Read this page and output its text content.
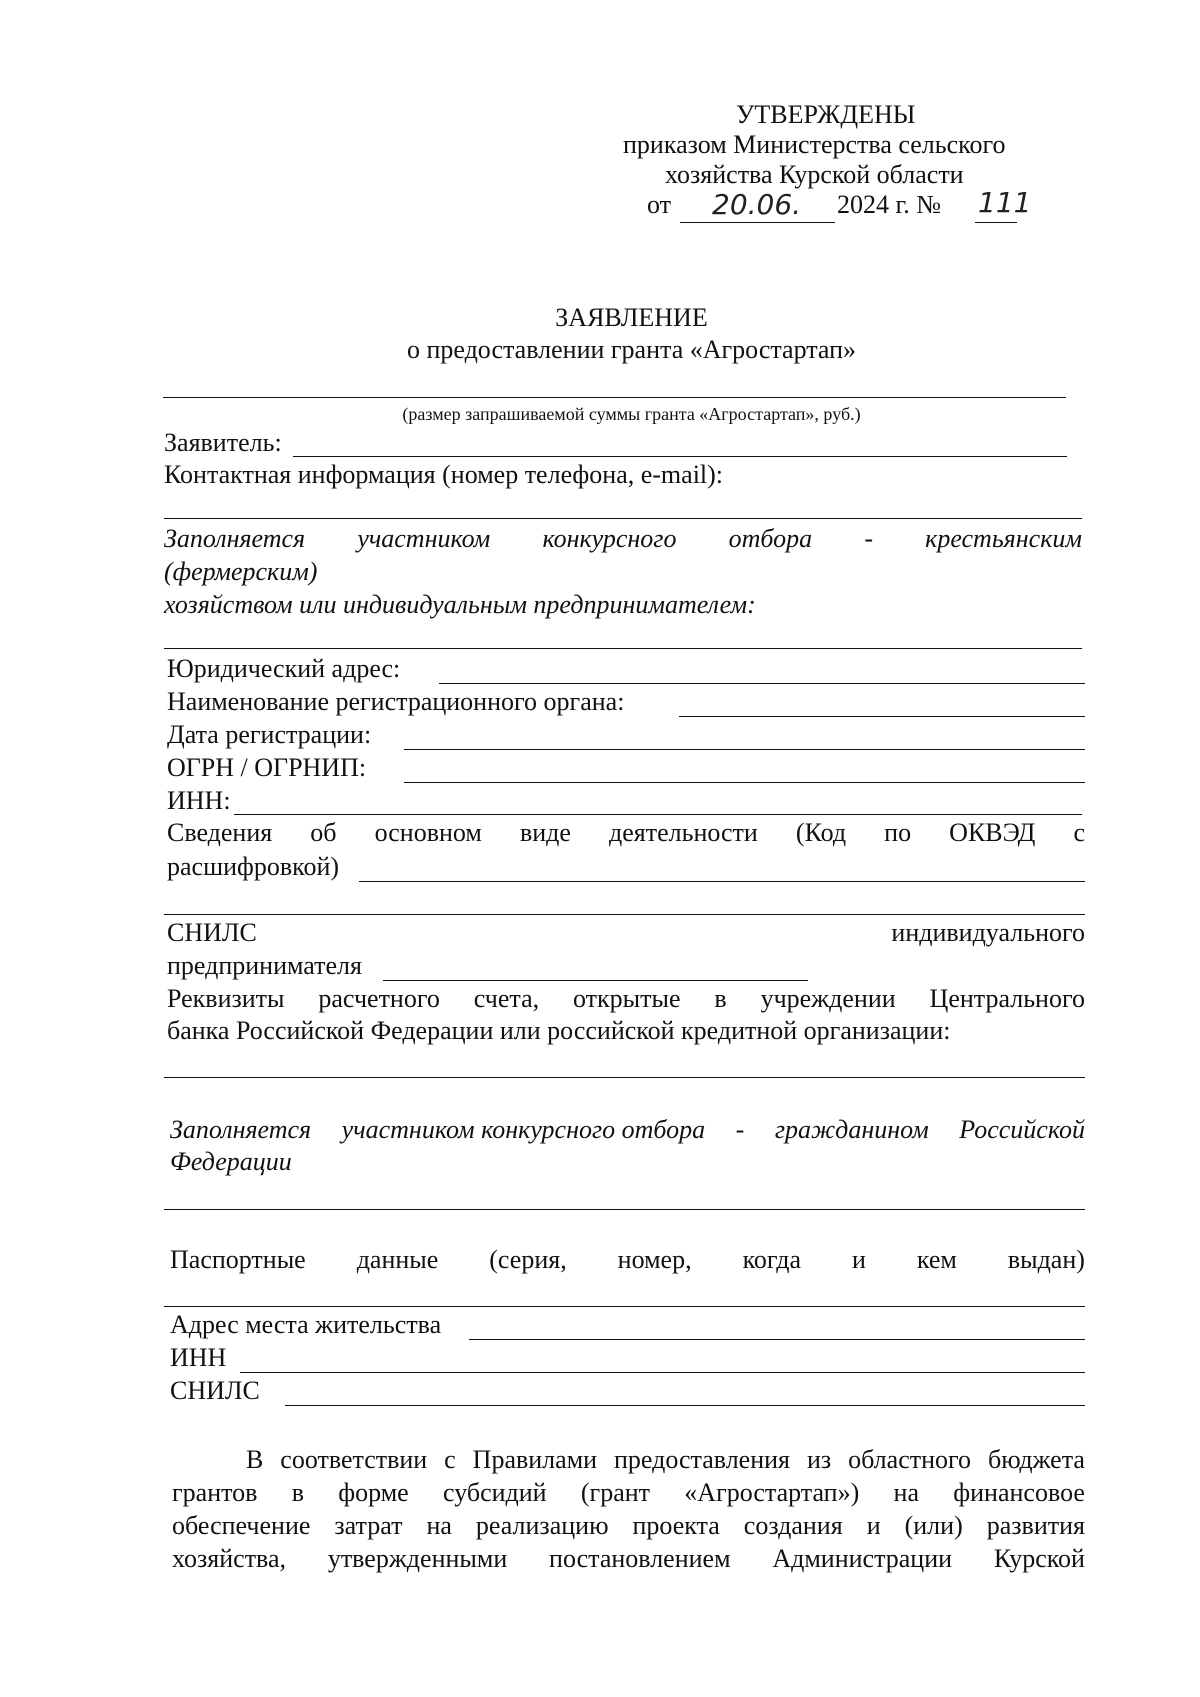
УТВЕРЖДЕНЫ
приказом Министерства сельского
хозяйства Курской области
от 20.06. 2024 г. № 111
ЗАЯВЛЕНИЕ
о предоставлении гранта «Агростартап»
(размер запрашиваемой суммы гранта «Агростартап», руб.)
Заявитель:
Контактная информация (номер телефона, e-mail):
Заполняется участником конкурсного отбора - крестьянским
(фермерским)
хозяйством или индивидуальным предпринимателем:
Юридический адрес:
Наименование регистрационного органа:
Дата регистрации:
ОГРН / ОГРНИП:
ИНН:
Сведения об основном виде деятельности (Код по ОКВЭД с
расшифровкой)
СНИЛС	индивидуального
предпринимателя
Реквизиты расчетного счета, открытые в учреждении Центрального
банка Российской Федерации или российской кредитной организации:
Заполняется участником конкурсного отбора - гражданином Российской
Федерации
Паспортные данные (серия, номер, когда и кем выдан)
Адрес места жительства
ИНН
СНИЛС
В соответствии с Правилами предоставления из областного бюджета
грантов в форме субсидий (грант «Агростартап») на финансовое
обеспечение затрат на реализацию проекта создания и (или) развития
хозяйства, утвержденными постановлением Администрации Курской
